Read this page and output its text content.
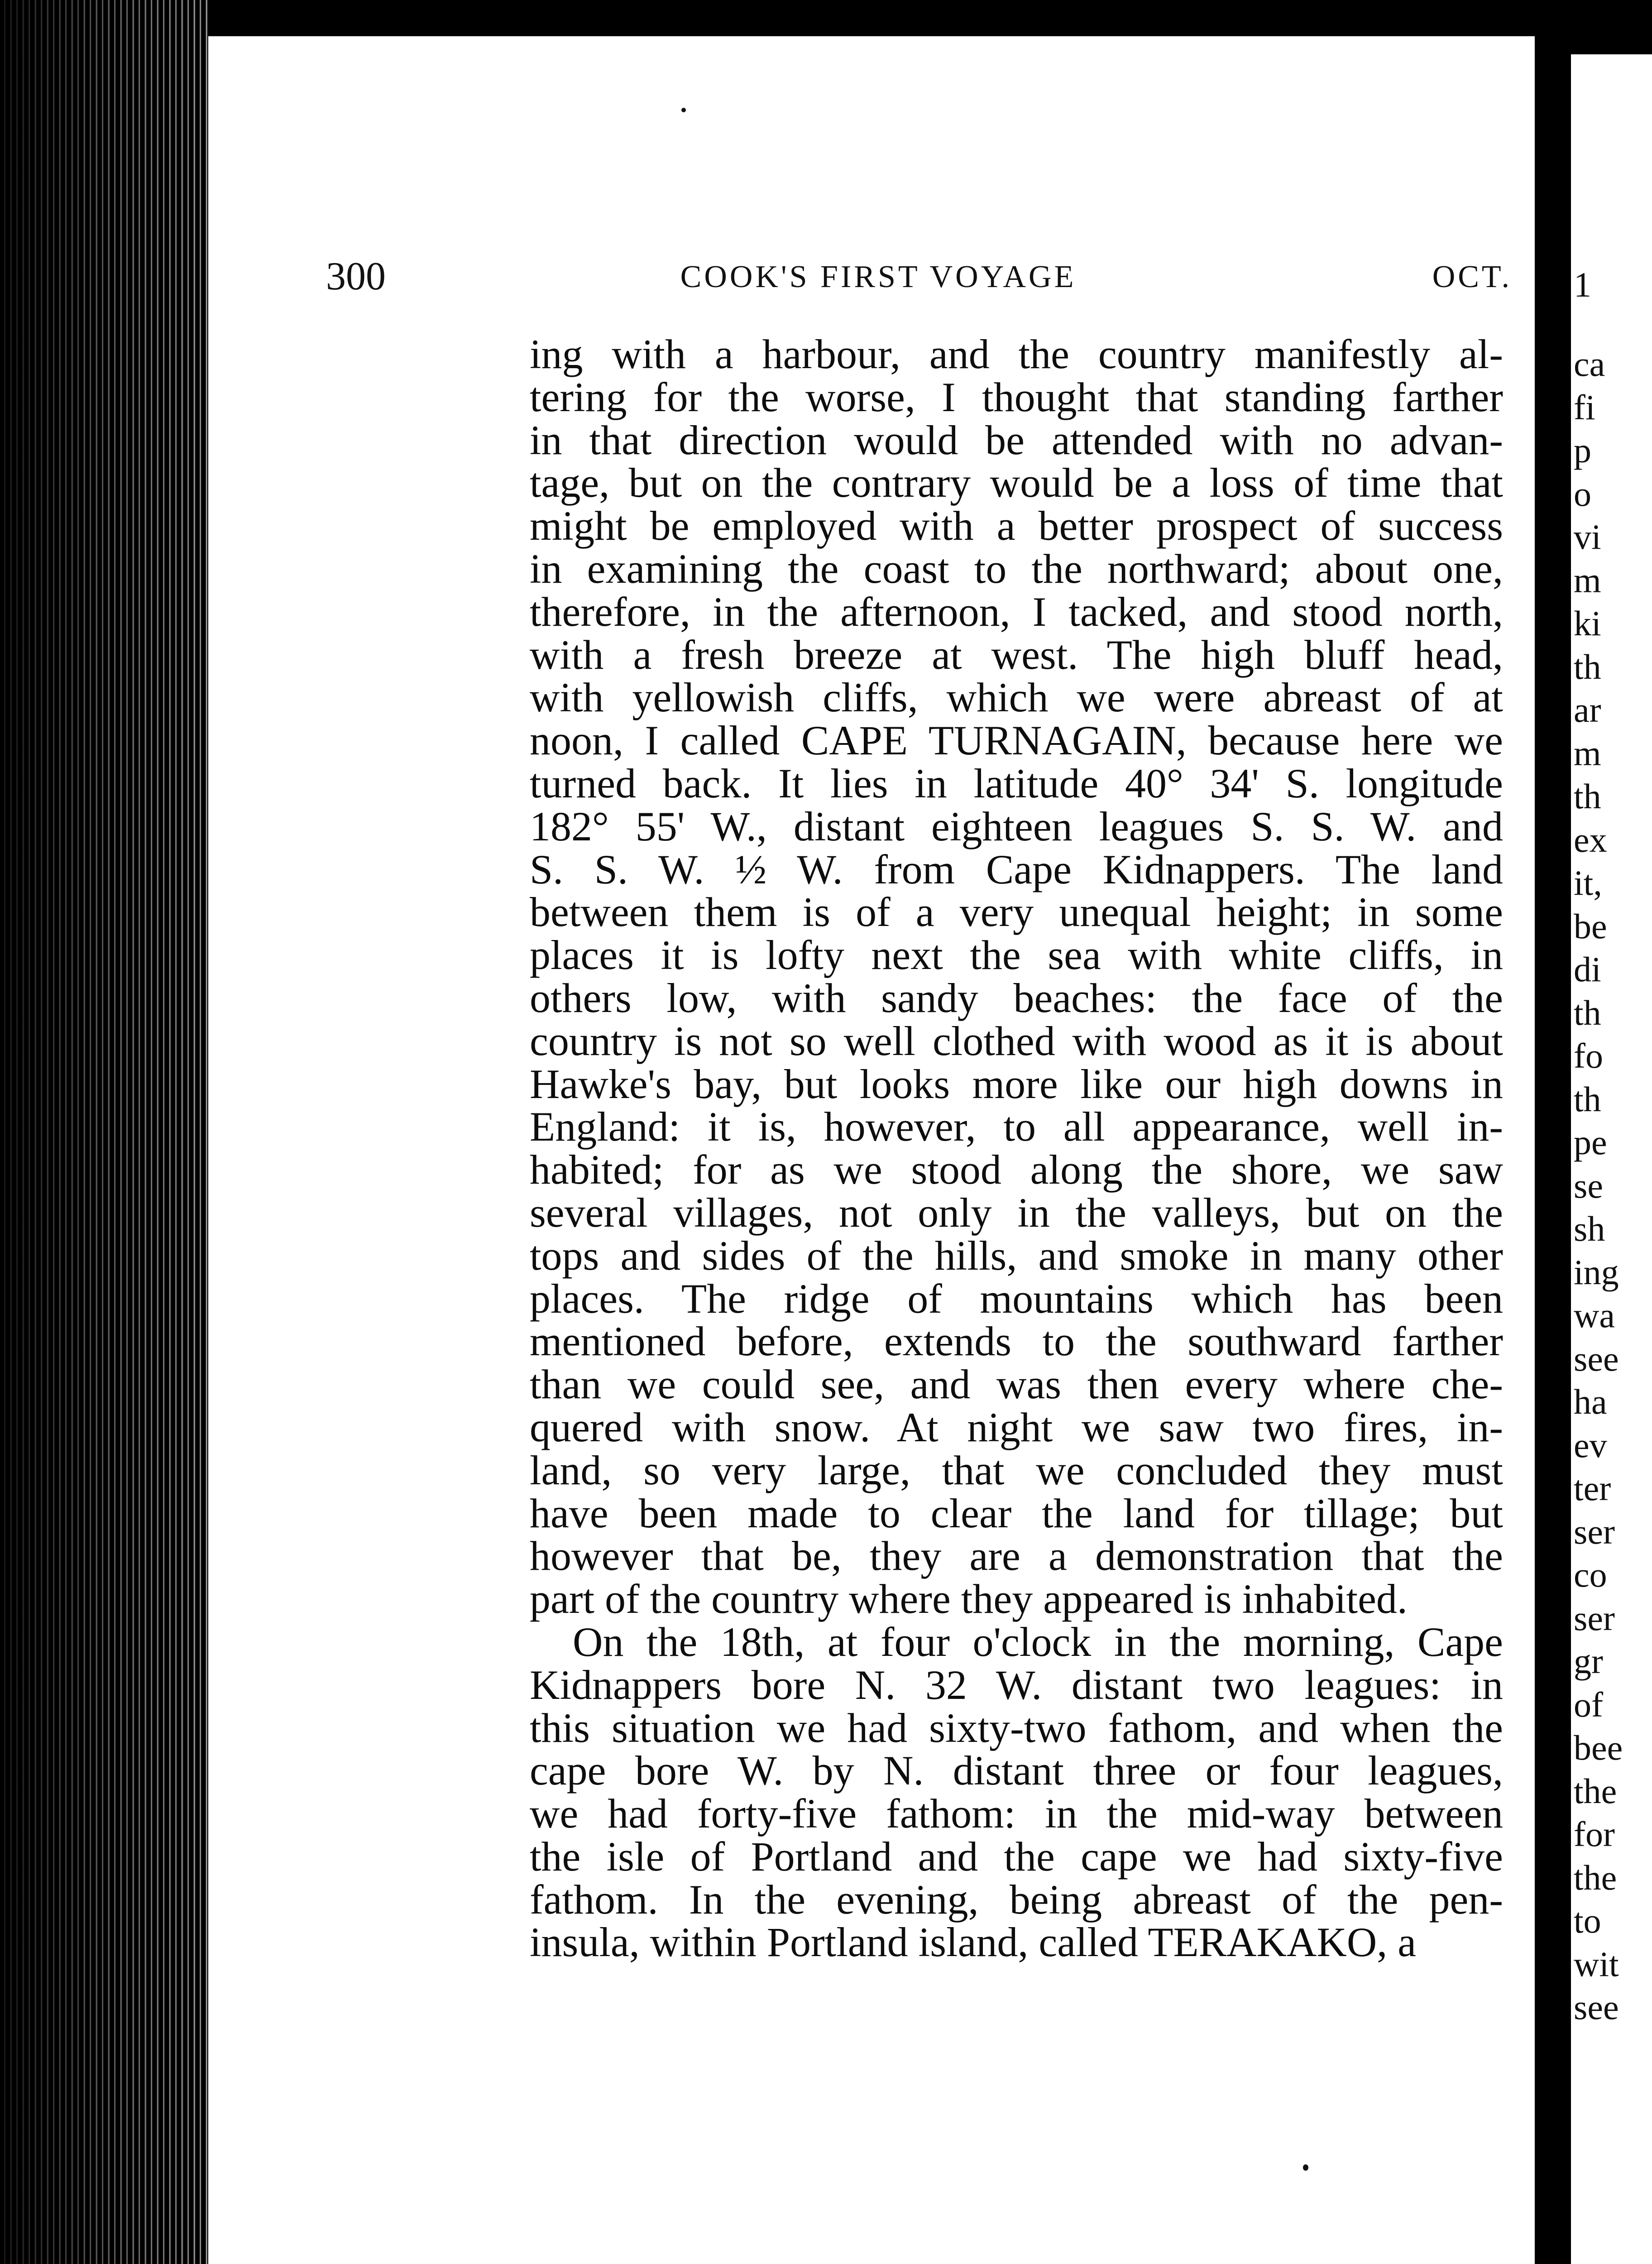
300	COOK'S FIRST VOYAGE	OCT.
ing with a harbour, and the country manifestly al-
tering for the worse, I thought that standing farther
in that direction would be attended with no advan-
tage, but on the contrary would be a loss of time that
might be employed with a better prospect of success
in examining the coast to the northward; about one,
therefore, in the afternoon, I tacked, and stood north,
with a fresh breeze at west. The high bluff head,
with yellowish cliffs, which we were abreast of at
noon, I called CAPE TURNAGAIN, because here we
turned back. It lies in latitude 40° 34' S. longitude
182° 55' W., distant eighteen leagues S. S. W. and
S. S. W. ½ W. from Cape Kidnappers. The land
between them is of a very unequal height; in some
places it is lofty next the sea with white cliffs, in
others low, with sandy beaches: the face of the
country is not so well clothed with wood as it is about
Hawke's bay, but looks more like our high downs in
England: it is, however, to all appearance, well in-
habited; for as we stood along the shore, we saw
several villages, not only in the valleys, but on the
tops and sides of the hills, and smoke in many other
places. The ridge of mountains which has been
mentioned before, extends to the southward farther
than we could see, and was then every where che-
quered with snow. At night we saw two fires, in-
land, so very large, that we concluded they must
have been made to clear the land for tillage; but
however that be, they are a demonstration that the
part of the country where they appeared is inhabited.
On the 18th, at four o'clock in the morning, Cape
Kidnappers bore N. 32 W. distant two leagues: in
this situation we had sixty-two fathom, and when the
cape bore W. by N. distant three or four leagues,
we had forty-five fathom: in the mid-way between
the isle of Portland and the cape we had sixty-five
fathom. In the evening, being abreast of the pen-
insula, within Portland island, called TERAKAKO, a
1
ca
fi
p
o
vi
m
ki
th
ar
m
th
ex
it,
be
di
th
fo
th
pe
se
sh
ing
wa
see
ha
ev
ter
ser
co
ser
gr
of
bee
the
for
the
to
wit
see
